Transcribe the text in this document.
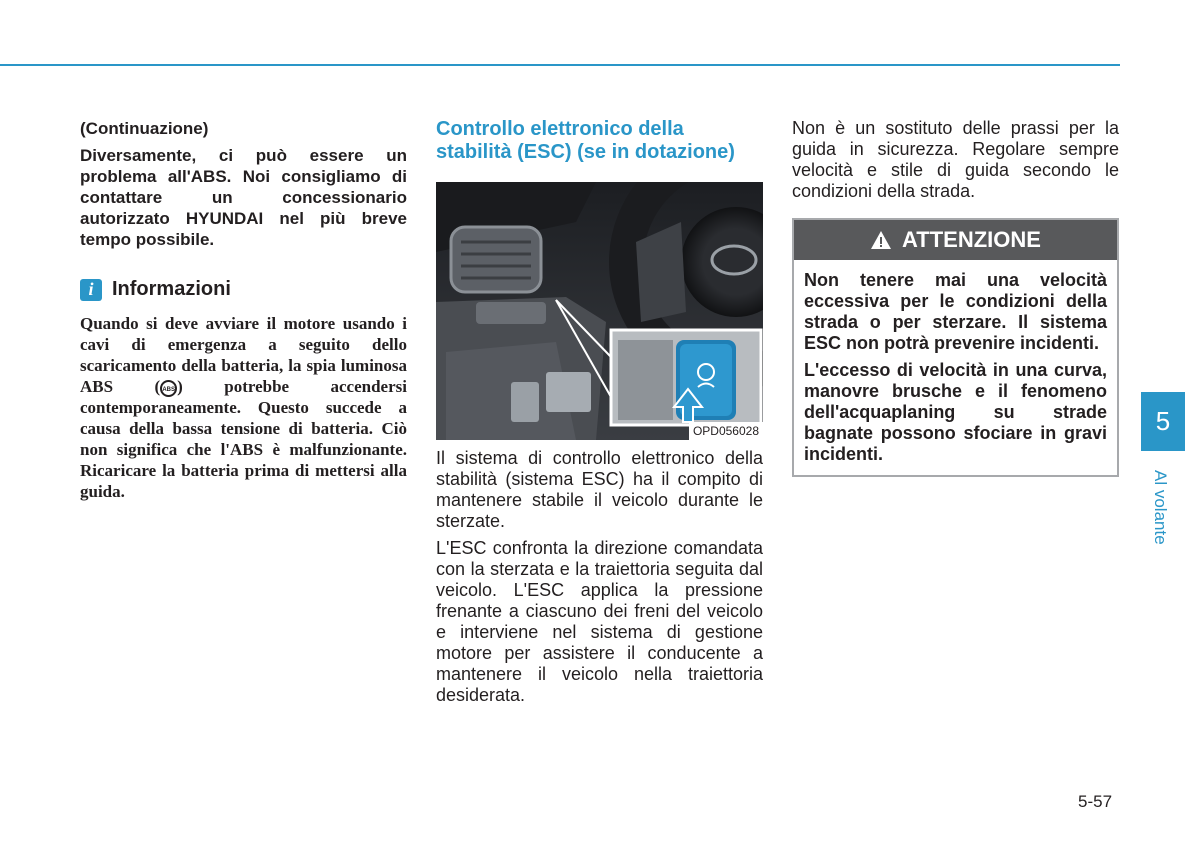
(Continuazione)

Diversamente, ci può essere un problema all'ABS. Noi consigliamo di contattare un concessionario autorizzato HYUNDAI nel più breve tempo possibile.

i Informazioni

Quando si deve avviare il motore usando i cavi di emergenza a seguito dello scaricamento della batteria, la spia luminosa ABS ( ABS ) potrebbe accendersi contemporaneamente. Questo succede a causa della bassa tensione di batteria. Ciò non significa che l'ABS è malfunzionante. Ricaricare la batteria prima di mettersi alla guida.

Controllo elettronico della stabilità (ESC) (se in dotazione)
OPD056028

Il sistema di controllo elettronico della stabilità (sistema ESC) ha il compito di mantenere stabile il veicolo durante le sterzate.

L'ESC confronta la direzione comandata con la sterzata e la traiettoria seguita dal veicolo. L'ESC applica la pressione frenante a ciascuno dei freni del veicolo e interviene nel sistema di gestione motore per assistere il conducente a mantenere il veicolo nella traiettoria desiderata.

Non è un sostituto delle prassi per la guida in sicurezza. Regolare sempre velocità e stile di guida secondo le condizioni della strada.

ATTENZIONE

Non tenere mai una velocità eccessiva per le condizioni della strada o per sterzare. Il sistema ESC non potrà prevenire incidenti.

L'eccesso di velocità in una curva, manovre brusche e il fenomeno dell'acquaplaning su strade bagnate possono sfociare in gravi incidenti.

5
Al volante
5-57
